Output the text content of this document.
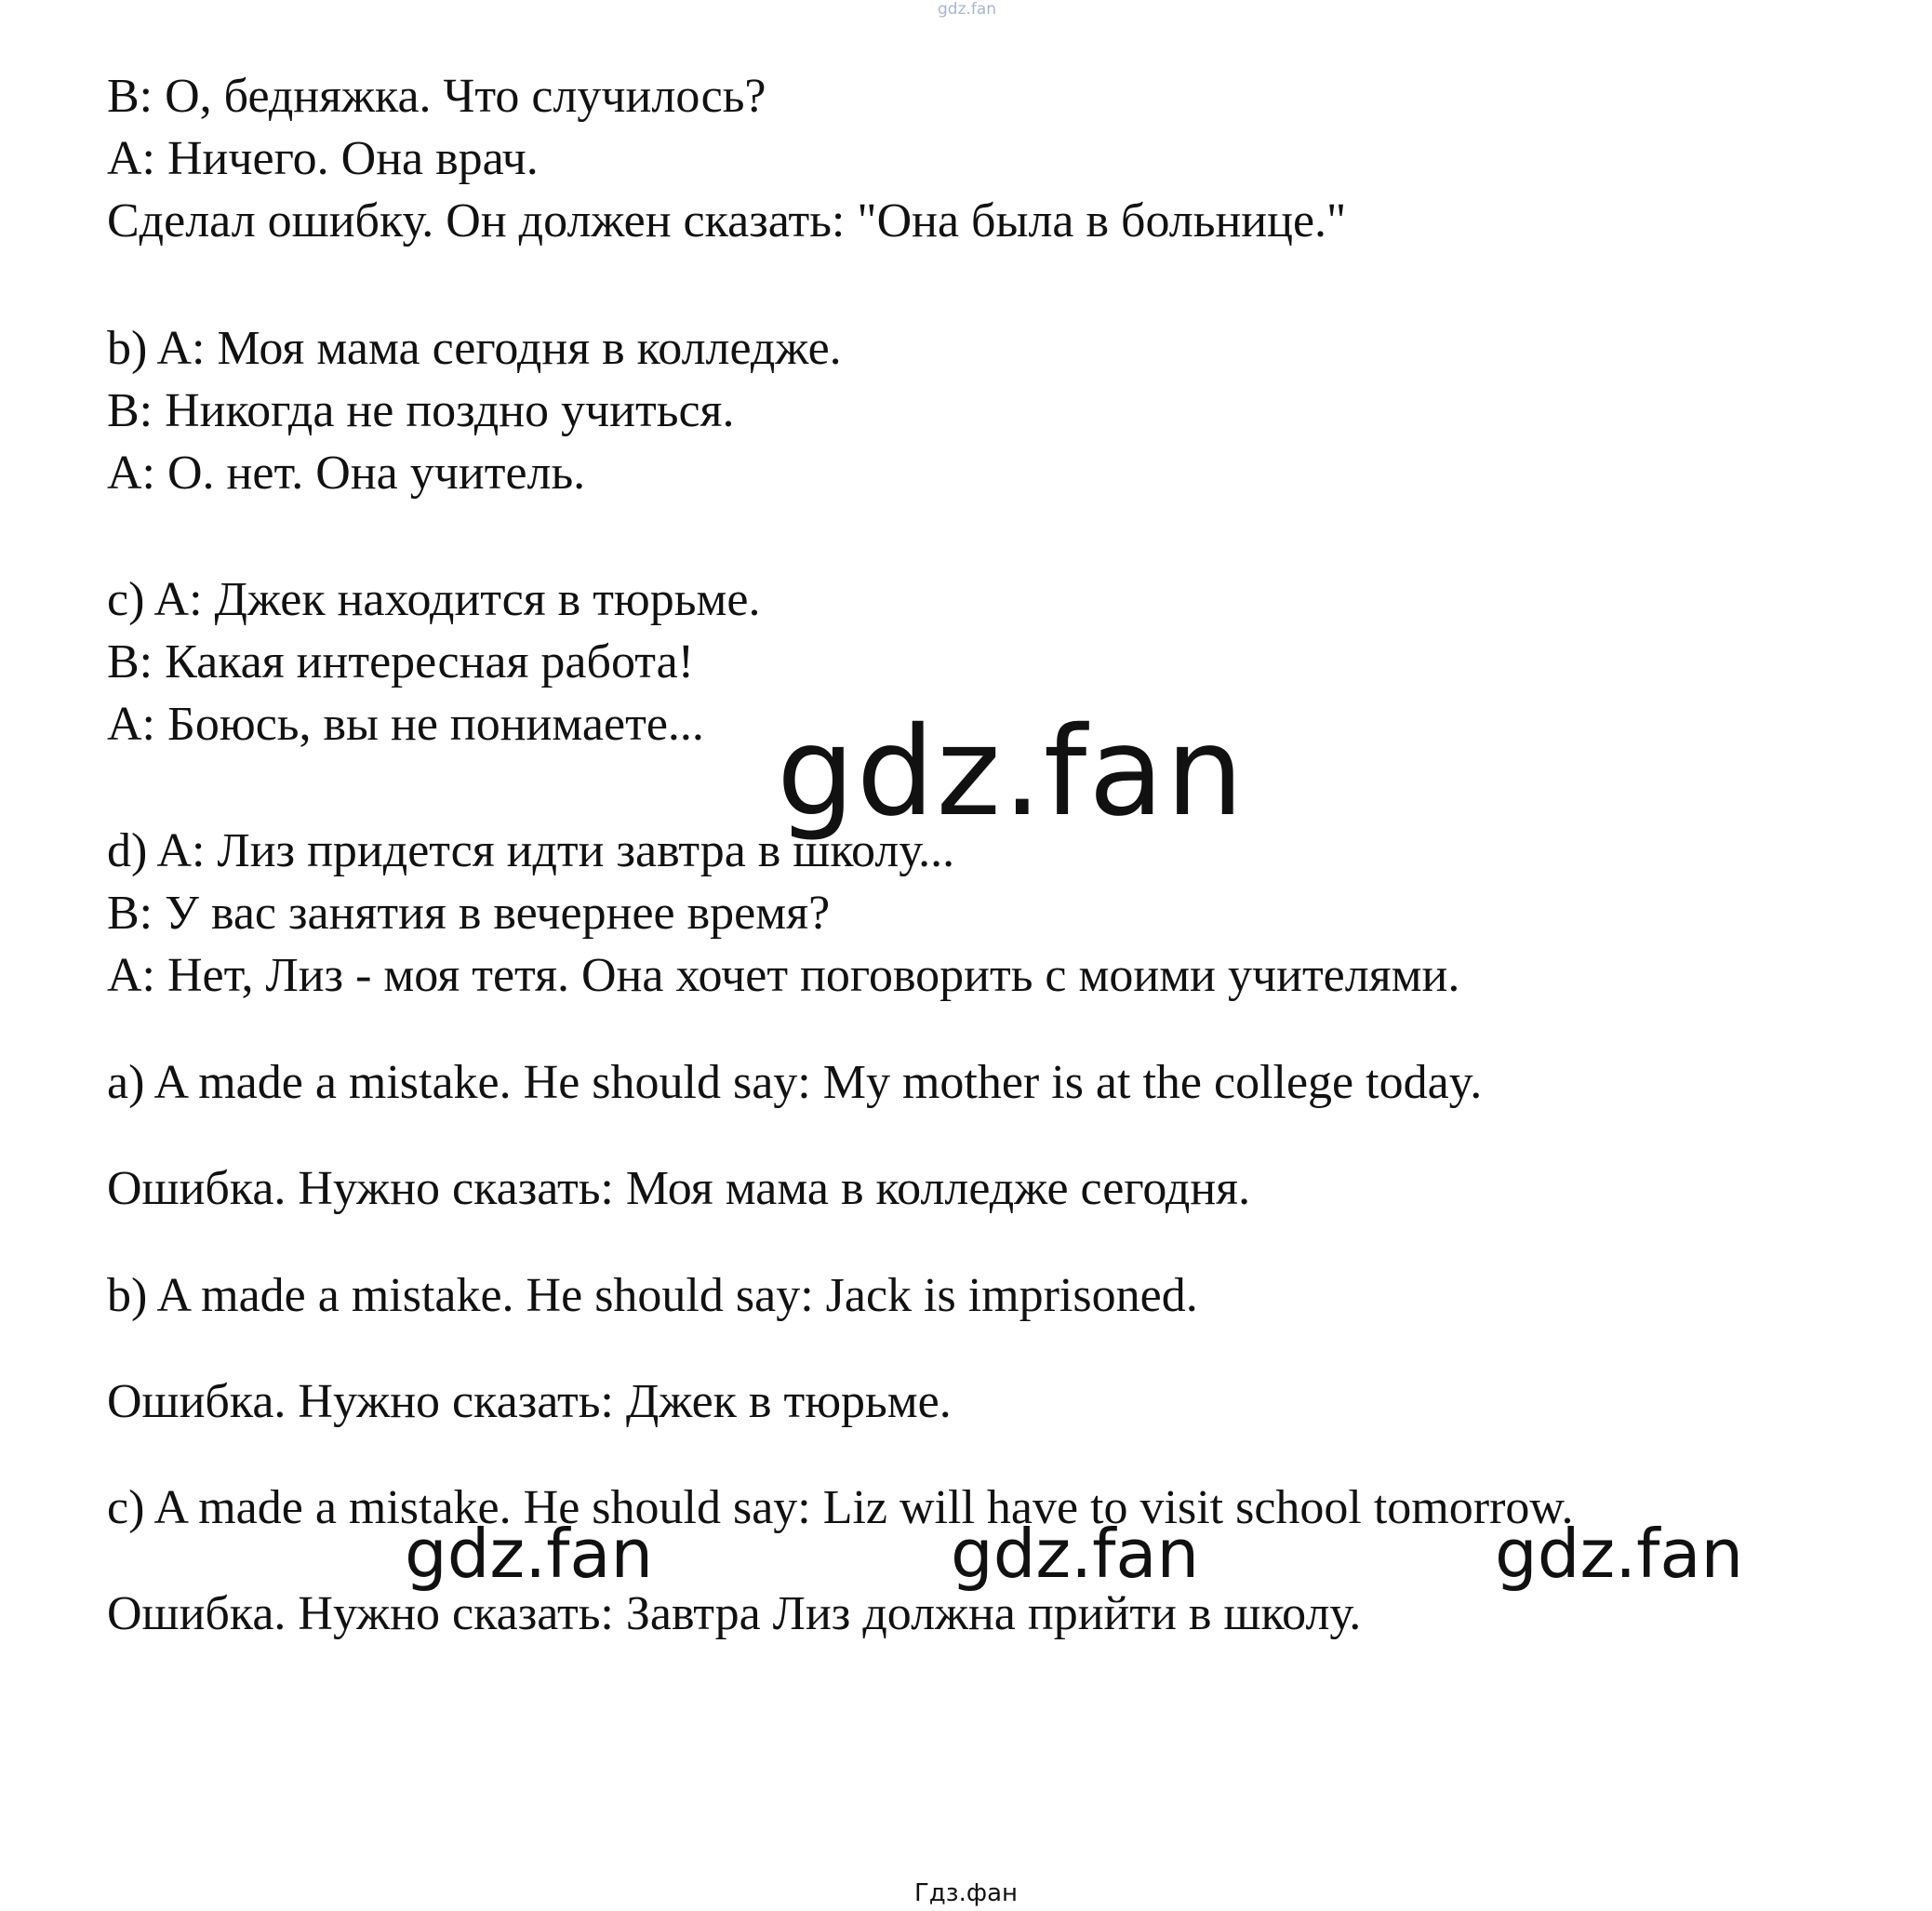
gdz.fan

B: О, бедняжка. Что случилось?

A: Ничего. Она врач.

Сделал ошибку. Он должен сказать: "Она была в больнице."

b) A: Моя мама сегодня в колледже.

B: Никогда не поздно учиться.

A: О. нет. Она учитель.

c) A: Джек находится в тюрьме.

B: Какая интересная работа!

A: Боюсь, вы не понимаете...

d) A: Лиз придется идти завтра в школу...

B: У вас занятия в вечернее время?

A: Нет, Лиз - моя тетя. Она хочет поговорить с моими учителями.

a) A made a mistake. He should say: My mother is at the college today.

Ошибка. Нужно сказать: Моя мама в колледже сегодня.

b) A made a mistake. He should say: Jack is imprisoned.

Ошибка. Нужно сказать: Джек в тюрьме.

c) A made a mistake. He should say: Liz will have to visit school tomorrow.

Ошибка. Нужно сказать: Завтра Лиз должна прийти в школу.

gdz.fan

gdz.fan	gdz.fan	gdz.fan

Гдз.фан
